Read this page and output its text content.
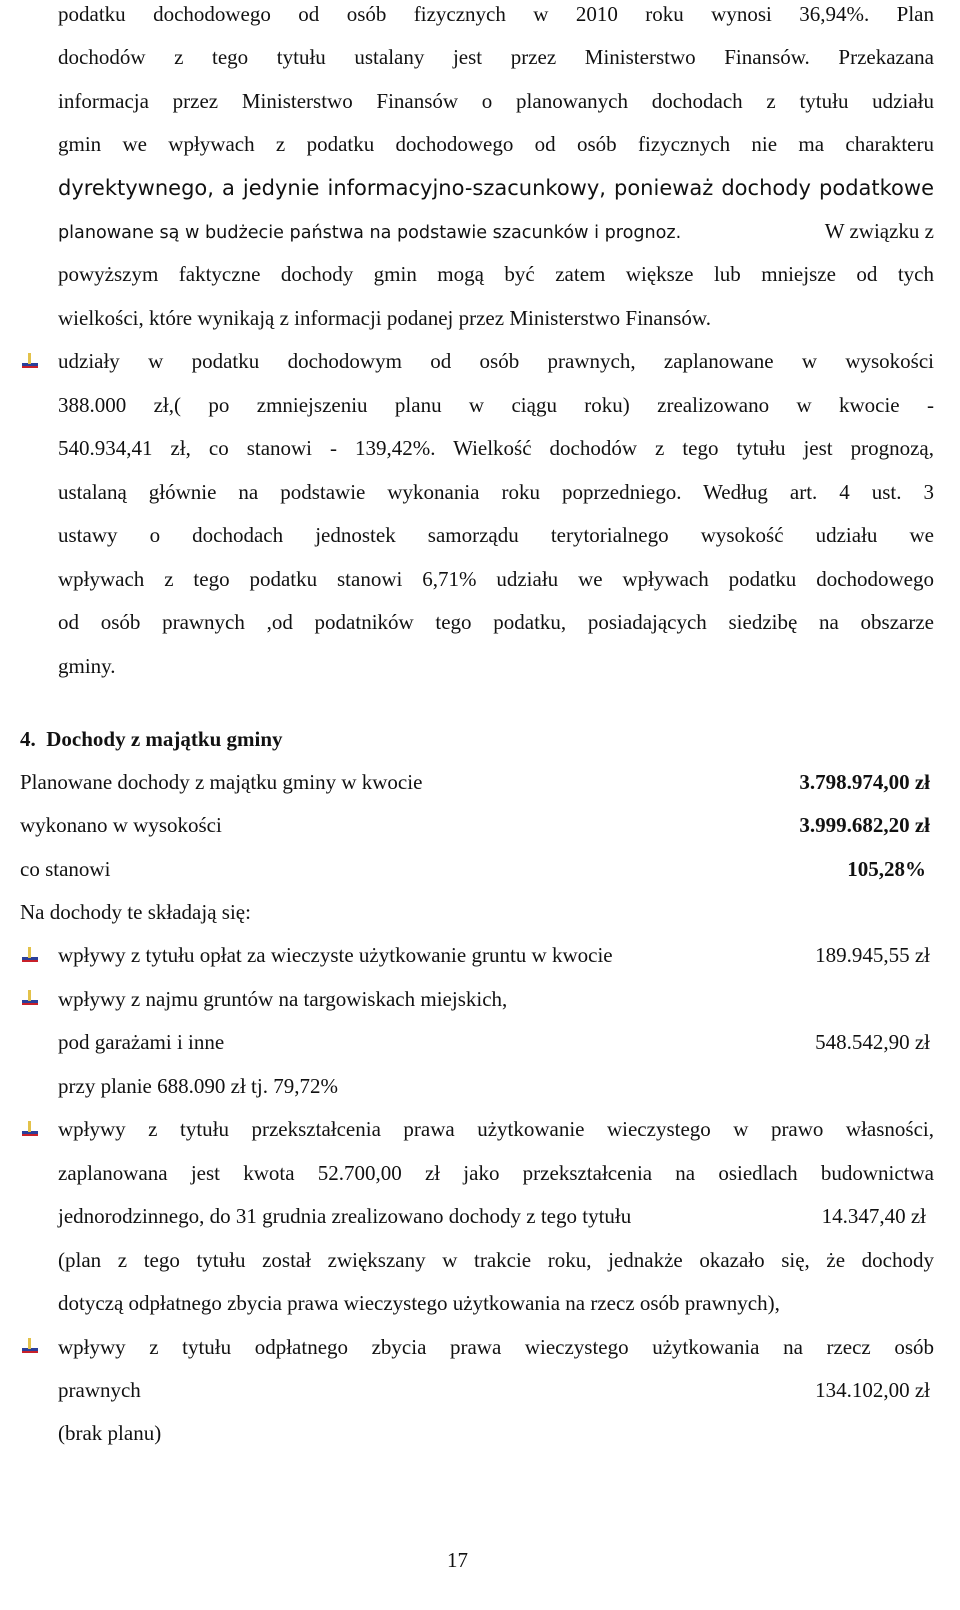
podatku dochodowego od osób fizycznych w 2010 roku wynosi 36,94%. Plan
dochodów z tego tytułu ustalany jest przez Ministerstwo Finansów. Przekazana
informacja przez Ministerstwo Finansów o planowanych dochodach z tytułu udziału
gmin we wpływach z podatku dochodowego od osób fizycznych nie ma charakteru
dyrektywnego, a jedynie informacyjno-szacunkowy, ponieważ dochody podatkowe
planowane są w budżecie państwa na podstawie szacunków i prognoz.	W związku z
powyższym faktyczne dochody gmin mogą być zatem większe lub mniejsze od tych
wielkości, które wynikają z informacji podanej przez Ministerstwo Finansów.
udziały w podatku dochodowym od osób prawnych, zaplanowane w wysokości
388.000 zł,( po zmniejszeniu planu w ciągu roku) zrealizowano w kwocie -
540.934,41 zł, co stanowi - 139,42%. Wielkość dochodów z tego tytułu jest prognozą,
ustalaną głównie na podstawie wykonania roku poprzedniego. Według art. 4 ust. 3
ustawy o dochodach jednostek samorządu terytorialnego wysokość udziału we
wpływach z tego podatku stanowi 6,71% udziału we wpływach podatku dochodowego
od osób prawnych ,od podatników tego podatku, posiadających siedzibę na obszarze
gminy.
4.  Dochody z majątku gminy
Planowane dochody z majątku gminy w kwocie	3.798.974,00 zł
wykonano w wysokości	3.999.682,20 zł
co stanowi	105,28%
Na dochody te składają się:
wpływy z tytułu opłat za wieczyste użytkowanie gruntu w kwocie	189.945,55 zł
wpływy z najmu gruntów na targowiskach miejskich,
pod garażami i inne	548.542,90 zł
przy planie 688.090 zł tj. 79,72%
wpływy z tytułu przekształcenia prawa użytkowanie wieczystego w prawo własności,
zaplanowana jest kwota 52.700,00 zł jako przekształcenia na osiedlach budownictwa
jednorodzinnego, do 31 grudnia zrealizowano dochody z tego tytułu	14.347,40 zł
(plan z tego tytułu został zwiększany w trakcie roku, jednakże okazało się, że dochody
dotyczą odpłatnego zbycia prawa wieczystego użytkowania na rzecz osób prawnych),
wpływy z tytułu odpłatnego zbycia prawa wieczystego użytkowania na rzecz osób
prawnych	134.102,00 zł
(brak planu)
17
